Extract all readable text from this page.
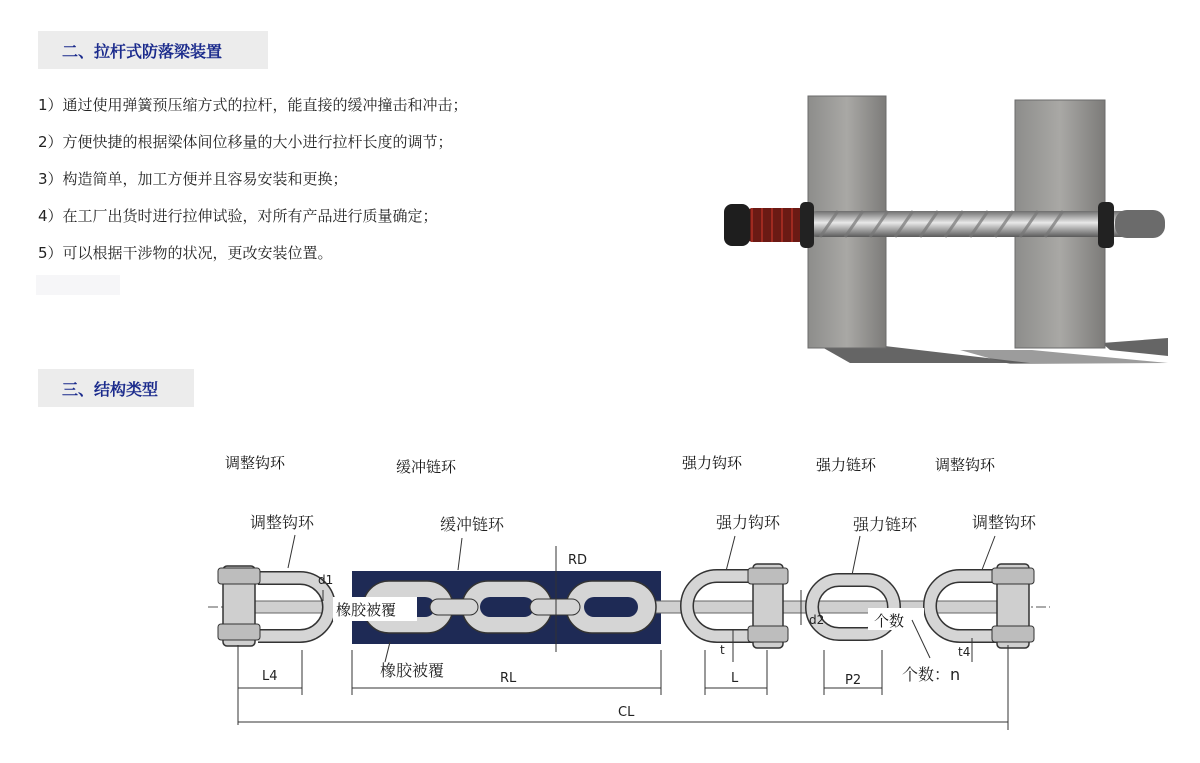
二、拉杆式防落梁装置
1）通过使用弹簧预压缩方式的拉杆，能直接的缓冲撞击和冲击；
2）方便快捷的根据梁体间位移量的大小进行拉杆长度的调节；
3）构造简单，加工方便并且容易安装和更换；
4）在工厂出货时进行拉伸试验，对所有产品进行质量确定；
5）可以根据干涉物的状况，更改安装位置。
三、结构类型
调整钩环	缓冲链环	强力钩环	强力链环	调整钩环
调整钩环	缓冲链环	强力钩环	强力链环	调整钩环
橡胶被覆
个数
d1
RD
d2
t	t4
L4	RL	L	P2
CL
橡胶被覆	个数：n
